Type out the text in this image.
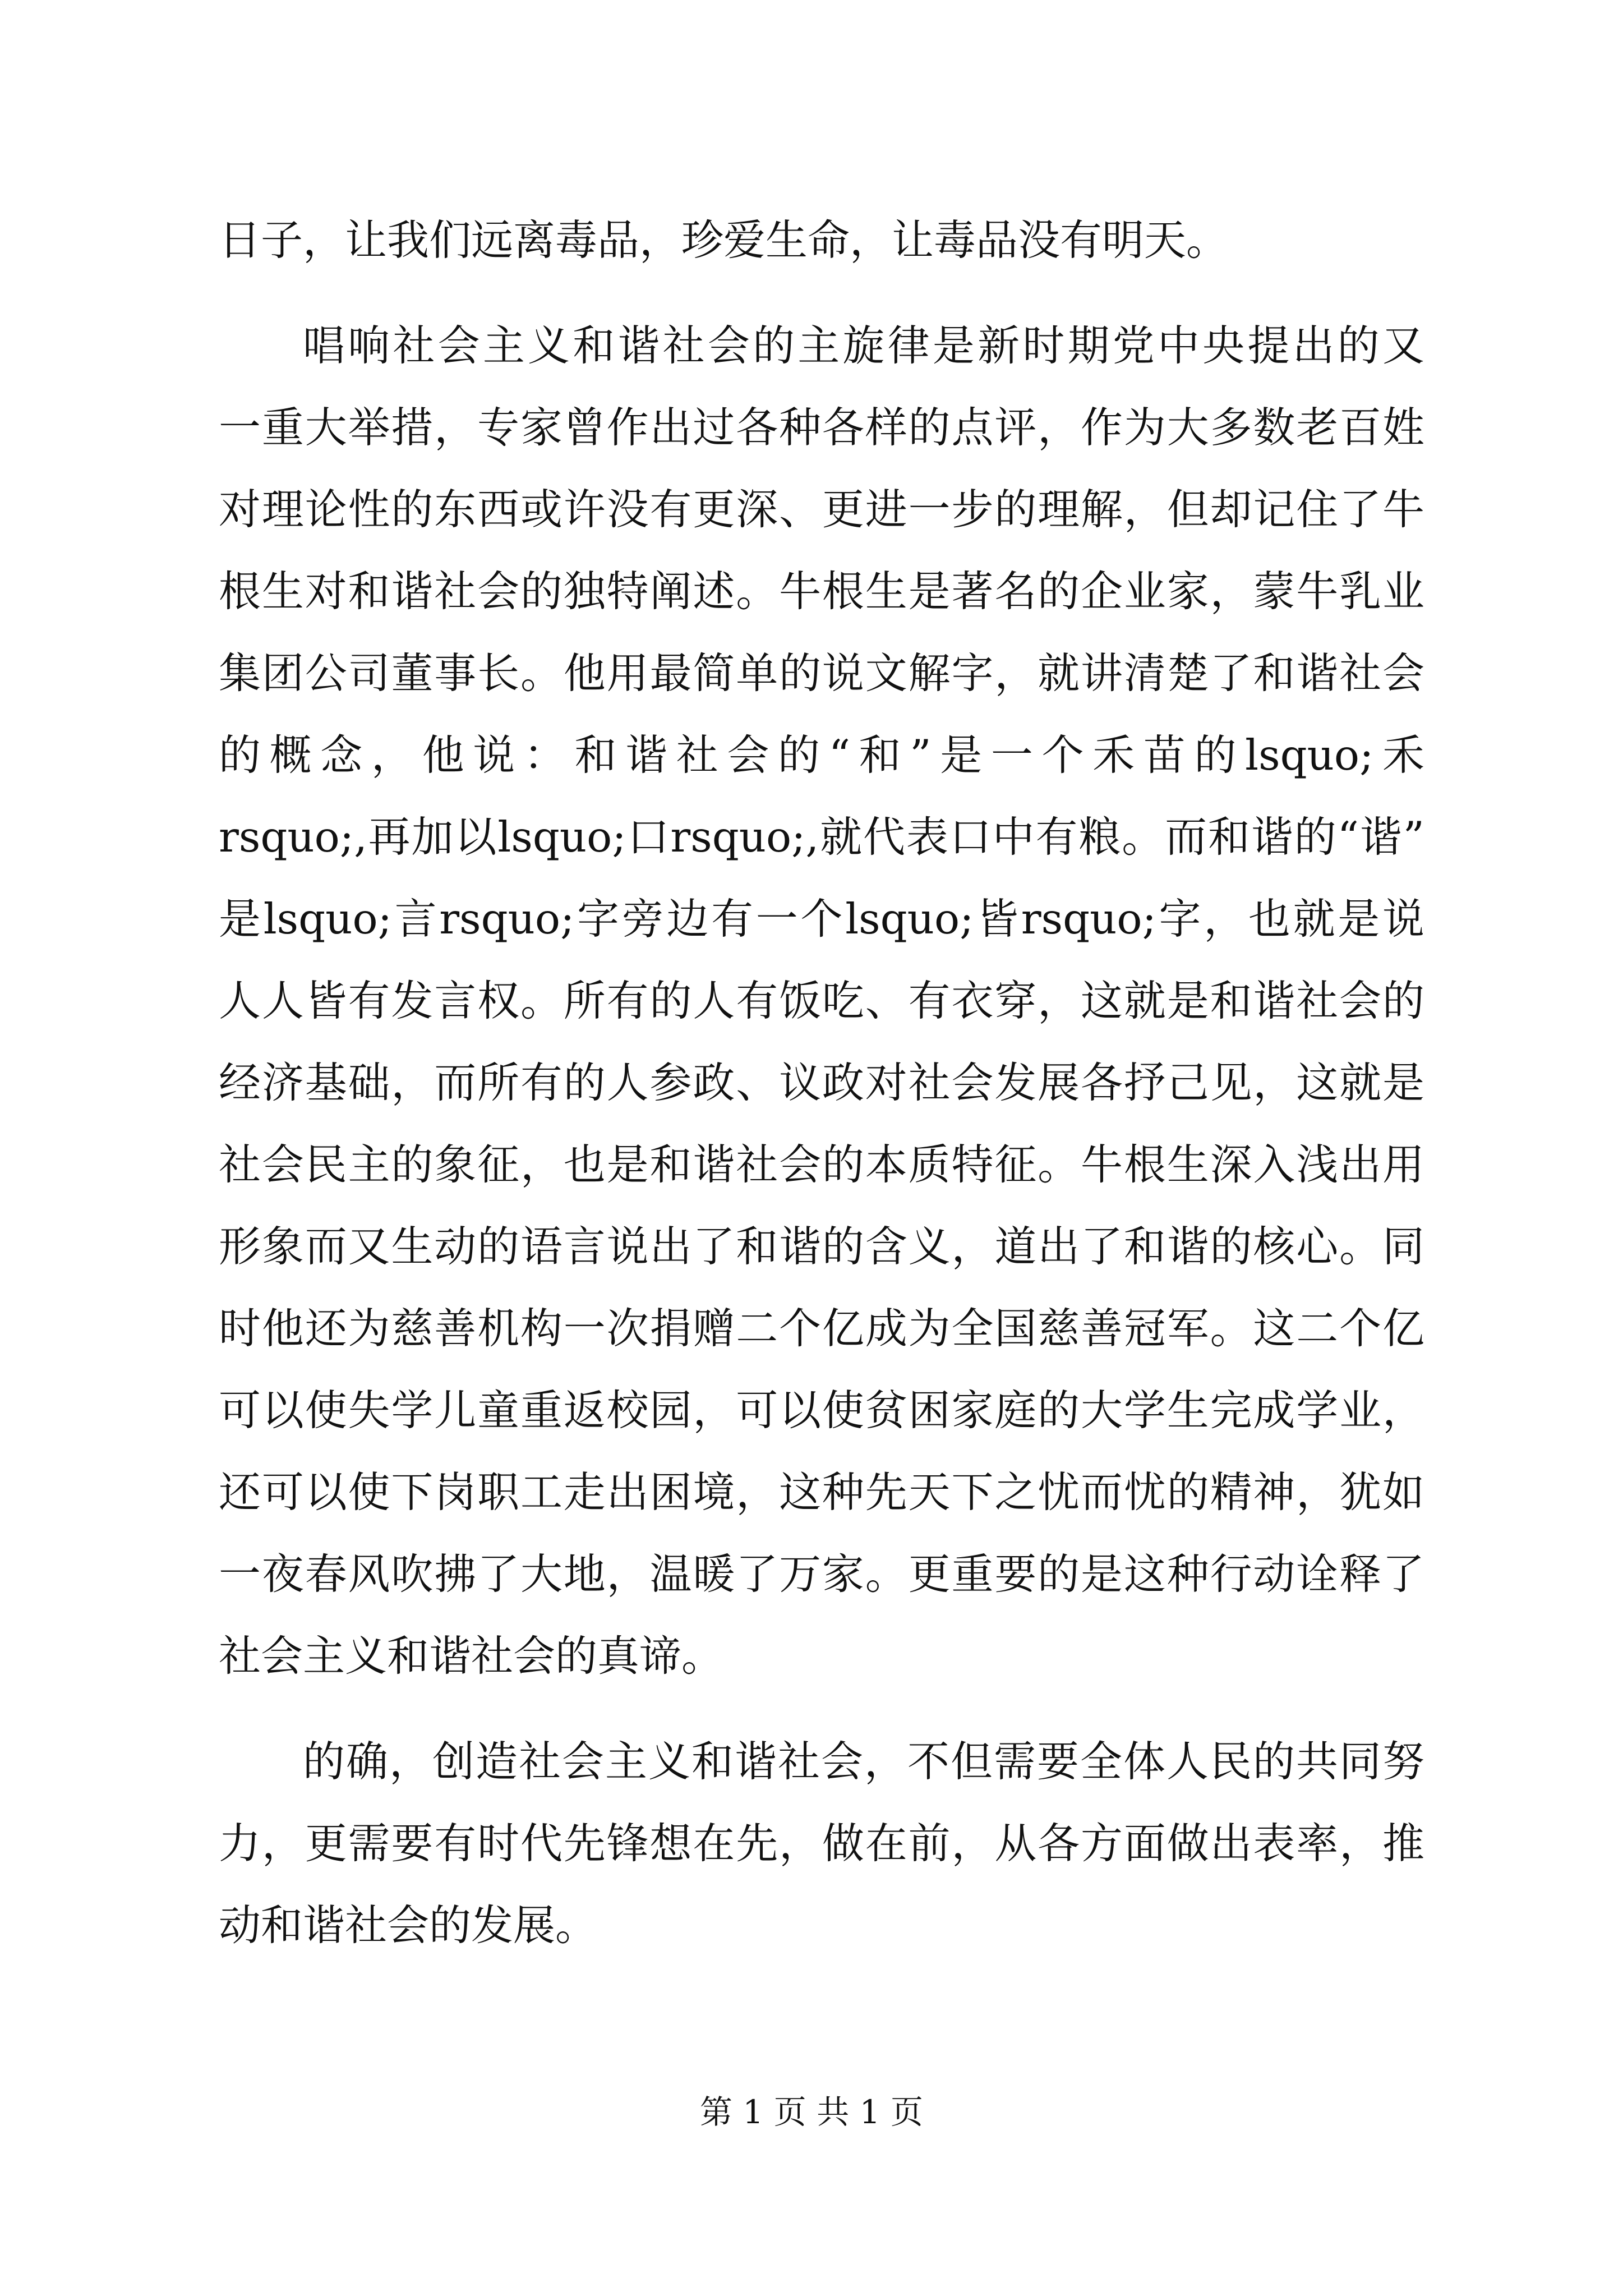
日子，让我们远离毒品，珍爱生命，让毒品没有明天。

唱响社会主义和谐社会的主旋律是新时期党中央提出的又
一重大举措，专家曾作出过各种各样的点评，作为大多数老百姓
对理论性的东西或许没有更深、更进一步的理解，但却记住了牛
根生对和谐社会的独特阐述。牛根生是著名的企业家，蒙牛乳业
集团公司董事长。他用最简单的说文解字，就讲清楚了和谐社会
的概念，他说：和谐社会的“和”是一个禾苗的lsquo;禾
rsquo;,再加以lsquo;口rsquo;,就代表口中有粮。而和谐的“谐”
是lsquo;言rsquo;字旁边有一个lsquo;皆rsquo;字，也就是说
人人皆有发言权。所有的人有饭吃、有衣穿，这就是和谐社会的
经济基础，而所有的人参政、议政对社会发展各抒己见，这就是
社会民主的象征，也是和谐社会的本质特征。牛根生深入浅出用
形象而又生动的语言说出了和谐的含义，道出了和谐的核心。同
时他还为慈善机构一次捐赠二个亿成为全国慈善冠军。这二个亿
可以使失学儿童重返校园，可以使贫困家庭的大学生完成学业，
还可以使下岗职工走出困境，这种先天下之忧而忧的精神，犹如
一夜春风吹拂了大地，温暖了万家。更重要的是这种行动诠释了
社会主义和谐社会的真谛。

的确，创造社会主义和谐社会，不但需要全体人民的共同努
力，更需要有时代先锋想在先，做在前，从各方面做出表率，推
动和谐社会的发展。

第 1 页 共 1 页
